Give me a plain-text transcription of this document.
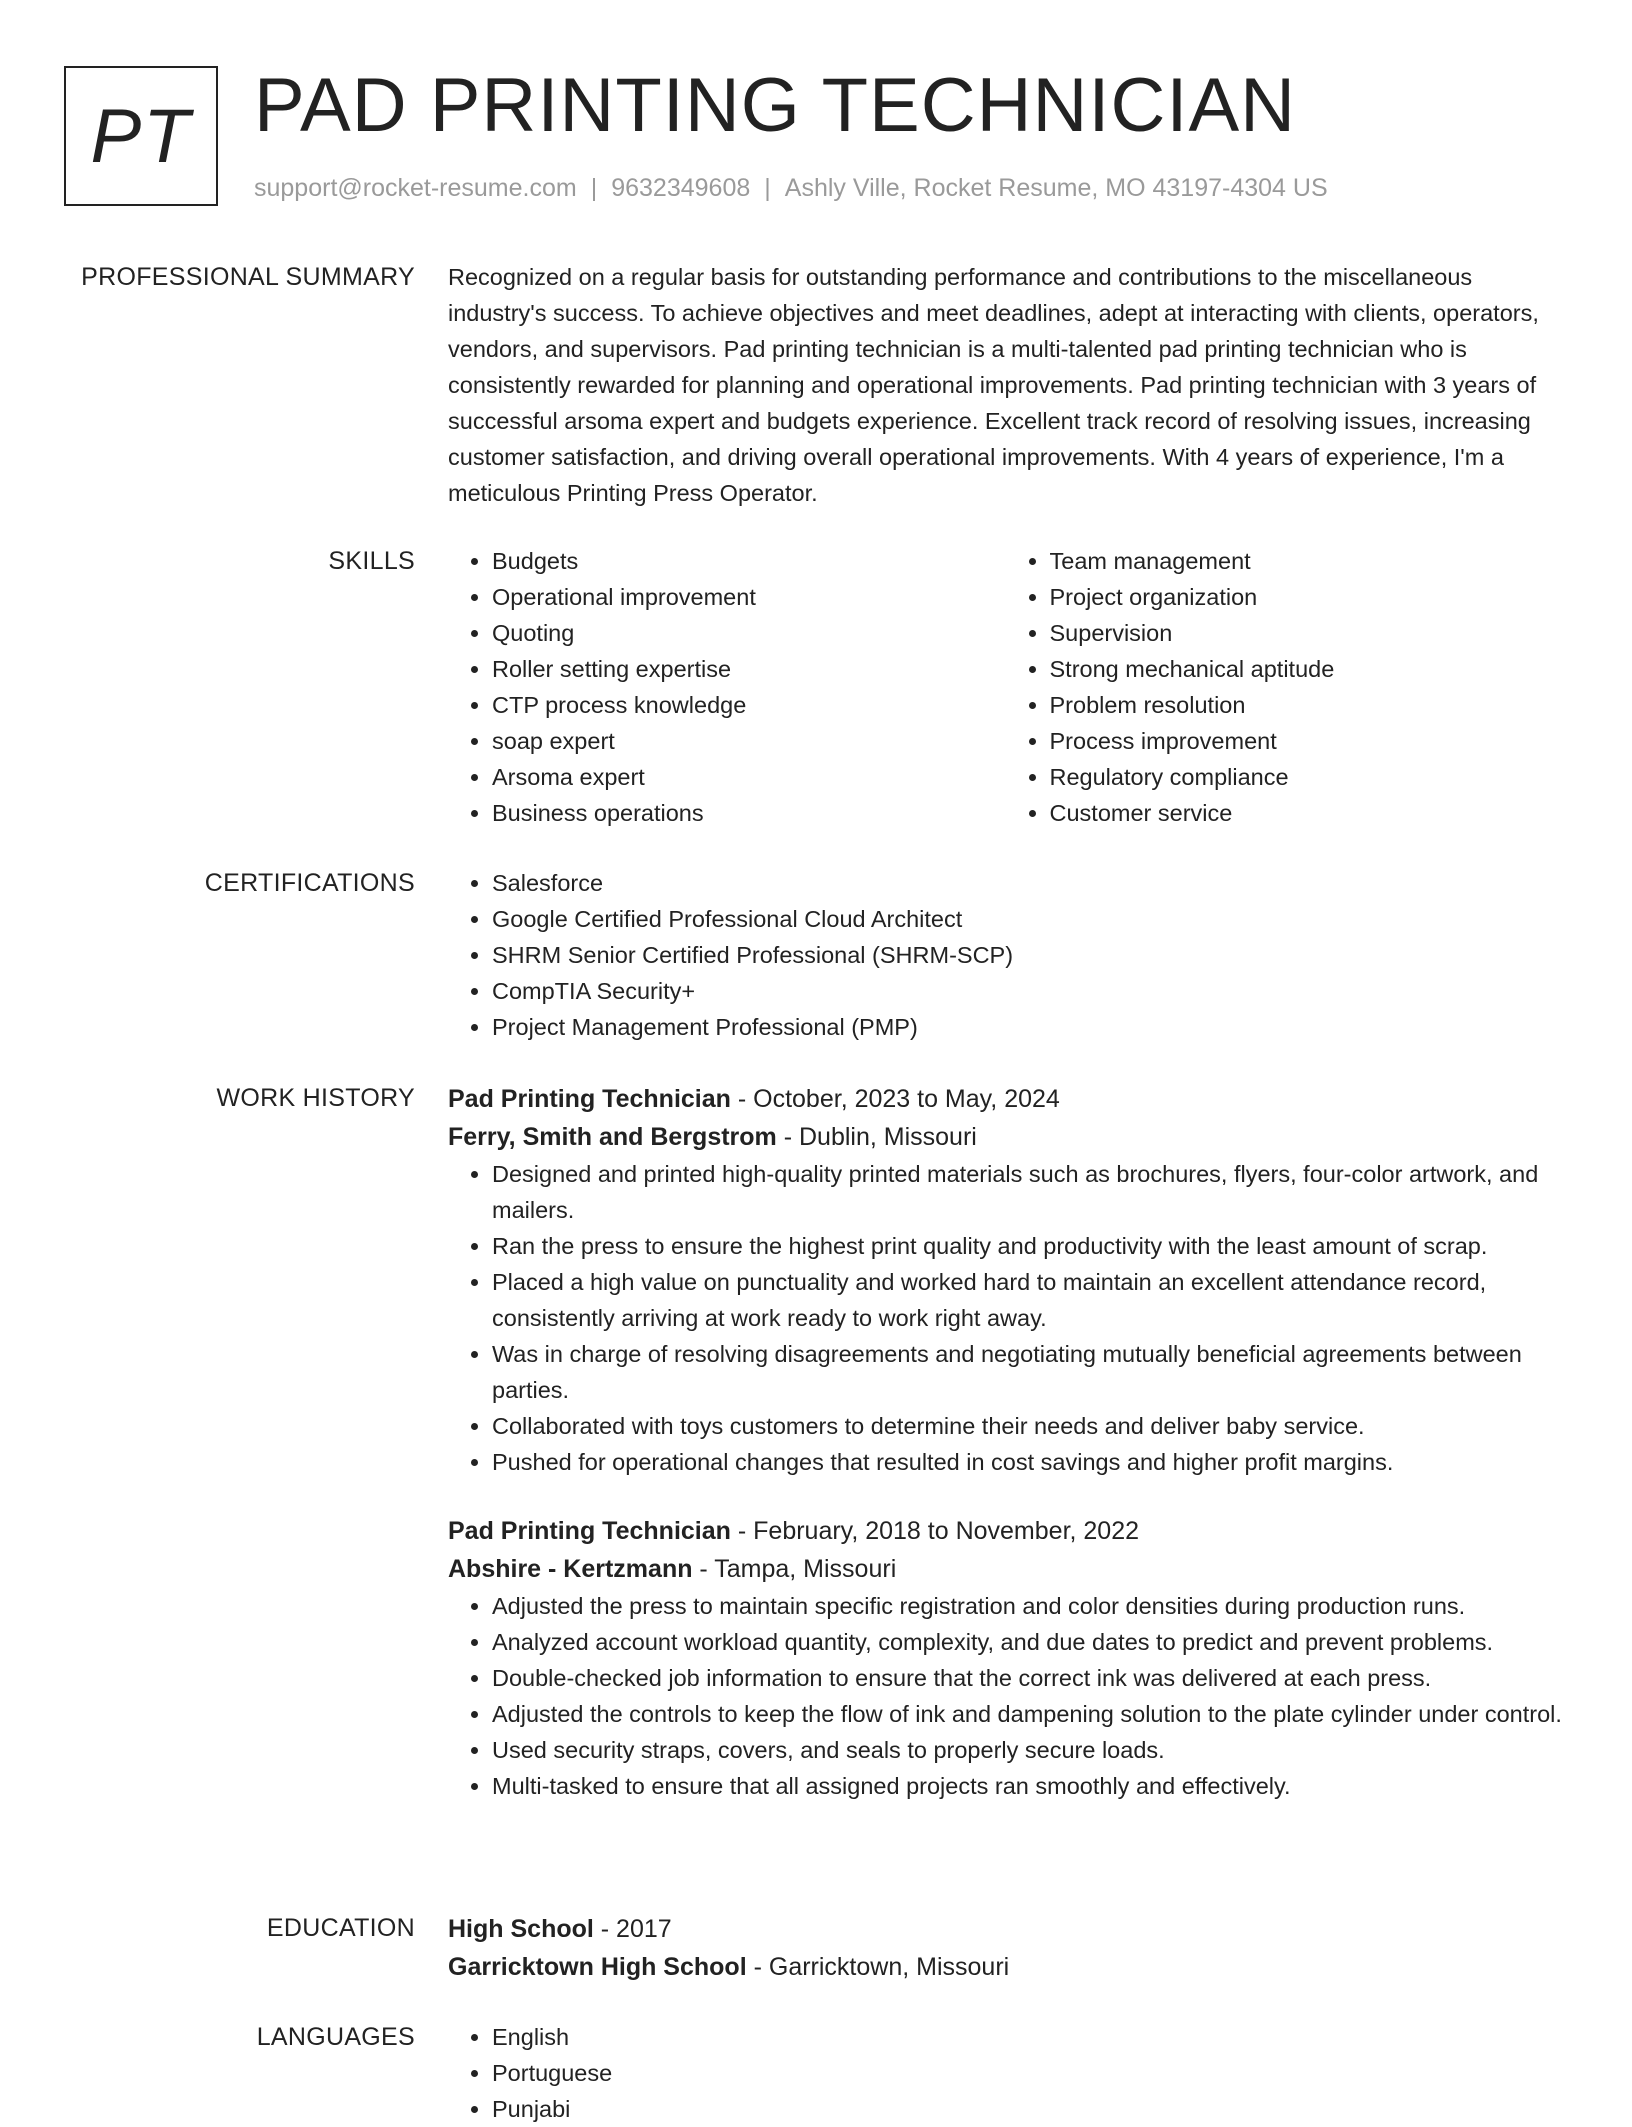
PT PAD PRINTING TECHNICIAN
support@rocket-resume.com | 9632349608 | Ashly Ville, Rocket Resume, MO 43197-4304 US
PROFESSIONAL SUMMARY Recognized on a regular basis for outstanding performance and contributions to the miscellaneous industry's success. To achieve objectives and meet deadlines, adept at interacting with clients, operators, vendors, and supervisors. Pad printing technician is a multi-talented pad printing technician who is consistently rewarded for planning and operational improvements. Pad printing technician with 3 years of successful arsoma expert and budgets experience. Excellent track record of resolving issues, increasing customer satisfaction, and driving overall operational improvements. With 4 years of experience, I'm a meticulous Printing Press Operator.
SKILLS	• Budgets
• Operational improvement
• Quoting
• Roller setting expertise
• CTP process knowledge
• soap expert
• Arsoma expert
• Business operations
• Team management
• Project organization
• Supervision
• Strong mechanical aptitude
• Problem resolution
• Process improvement
• Regulatory compliance
• Customer service
CERTIFICATIONS	• Salesforce
• Google Certified Professional Cloud Architect
• SHRM Senior Certified Professional (SHRM-SCP)
• CompTIA Security+
• Project Management Professional (PMP)
WORK HISTORY Pad Printing Technician - October, 2023 to May, 2024
Ferry, Smith and Bergstrom - Dublin, Missouri
• Designed and printed high-quality printed materials such as brochures, flyers, four-color artwork, and mailers.
• Ran the press to ensure the highest print quality and productivity with the least amount of scrap.
• Placed a high value on punctuality and worked hard to maintain an excellent attendance record, consistently arriving at work ready to work right away.
• Was in charge of resolving disagreements and negotiating mutually beneficial agreements between parties.
• Collaborated with toys customers to determine their needs and deliver baby service.
• Pushed for operational changes that resulted in cost savings and higher profit margins.
Pad Printing Technician - February, 2018 to November, 2022
Abshire - Kertzmann - Tampa, Missouri
• Adjusted the press to maintain specific registration and color densities during production runs.
• Analyzed account workload quantity, complexity, and due dates to predict and prevent problems.
• Double-checked job information to ensure that the correct ink was delivered at each press.
• Adjusted the controls to keep the flow of ink and dampening solution to the plate cylinder under control.
• Used security straps, covers, and seals to properly secure loads.
• Multi-tasked to ensure that all assigned projects ran smoothly and effectively.
EDUCATION High School - 2017
Garricktown High School - Garricktown, Missouri
LANGUAGES	• English
• Portuguese
• Punjabi
